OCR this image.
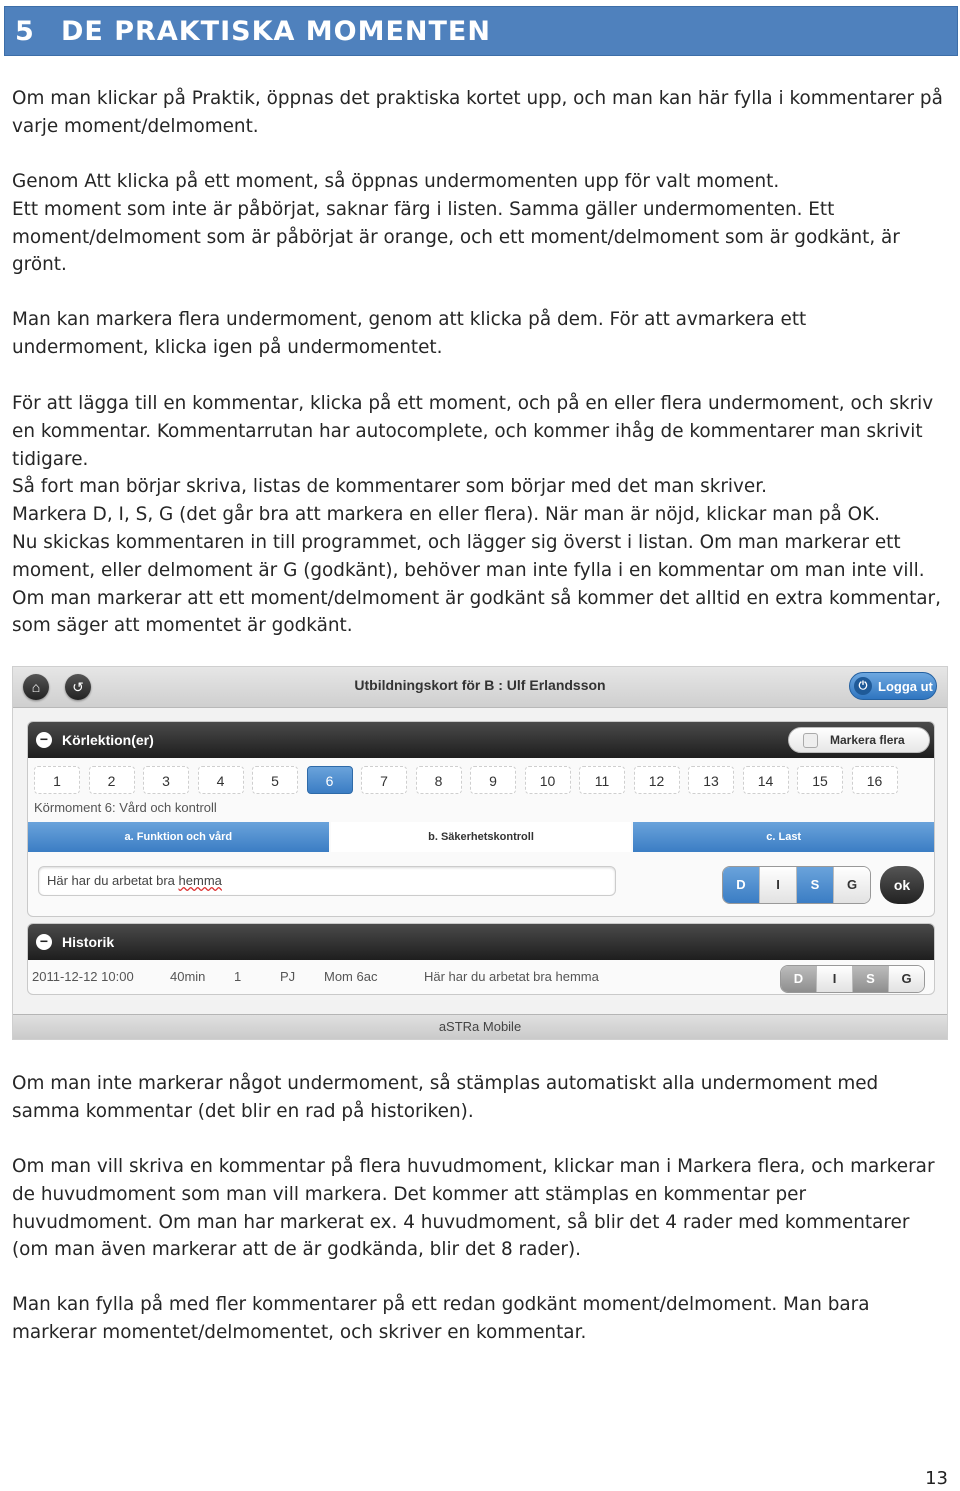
5 DE PRAKTISKA MOMENTEN

Om man klickar på Praktik, öppnas det praktiska kortet upp, och man kan här fylla i kommentarer på varje moment/delmoment.

Genom Att klicka på ett moment, så öppnas undermomenten upp för valt moment.

Ett moment som inte är påbörjat, saknar färg i listen. Samma gäller undermomenten. Ett moment/delmoment som är påbörjat är orange, och ett moment/delmoment som är godkänt, är grönt.

Man kan markera flera undermoment, genom att klicka på dem. För att avmarkera ett undermoment, klicka igen på undermomentet.

För att lägga till en kommentar, klicka på ett moment, och på en eller flera undermoment, och skriv en kommentar. Kommentarrutan har autocomplete, och kommer ihåg de kommentarer man skrivit tidigare.

Så fort man börjar skriva, listas de kommentarer som börjar med det man skriver.

Markera D, I, S, G (det går bra att markera en eller flera). När man är nöjd, klickar man på OK.

Nu skickas kommentaren in till programmet, och lägger sig överst i listan. Om man markerar ett moment, eller delmoment är G (godkänt), behöver man inte fylla i en kommentar om man inte vill.

Om man markerar att ett moment/delmoment är godkänt så kommer det alltid en extra kommentar, som säger att momentet är godkänt.

⌂	↺	Utbildningskort för B : Ulf Erlandsson	⏻ Logga ut
− Körlektion(er)	Markera flera
1	2	3	4	5	6	7	8	9	10	11	12	13	14	15	16
Körmoment 6: Vård och kontroll
a. Funktion och vård	b. Säkerhetskontroll	c. Last
Här har du arbetat bra hemma	D	I	S	G	ok
− Historik
2011-12-12 10:00	40min 1	PJ Mom 6ac	Här har du arbetat bra hemma	D	I	S	G
aSTRa Mobile

Om man inte markerar något undermoment, så stämplas automatiskt alla undermoment med samma kommentar (det blir en rad på historiken).

Om man vill skriva en kommentar på flera huvudmoment, klickar man i Markera flera, och markerar de huvudmoment som man vill markera. Det kommer att stämplas en kommentar per huvudmoment. Om man har markerat ex. 4 huvudmoment, så blir det 4 rader med kommentarer (om man även markerar att de är godkända, blir det 8 rader).

Man kan fylla på med fler kommentarer på ett redan godkänt moment/delmoment. Man bara markerar momentet/delmomentet, och skriver en kommentar.

13
